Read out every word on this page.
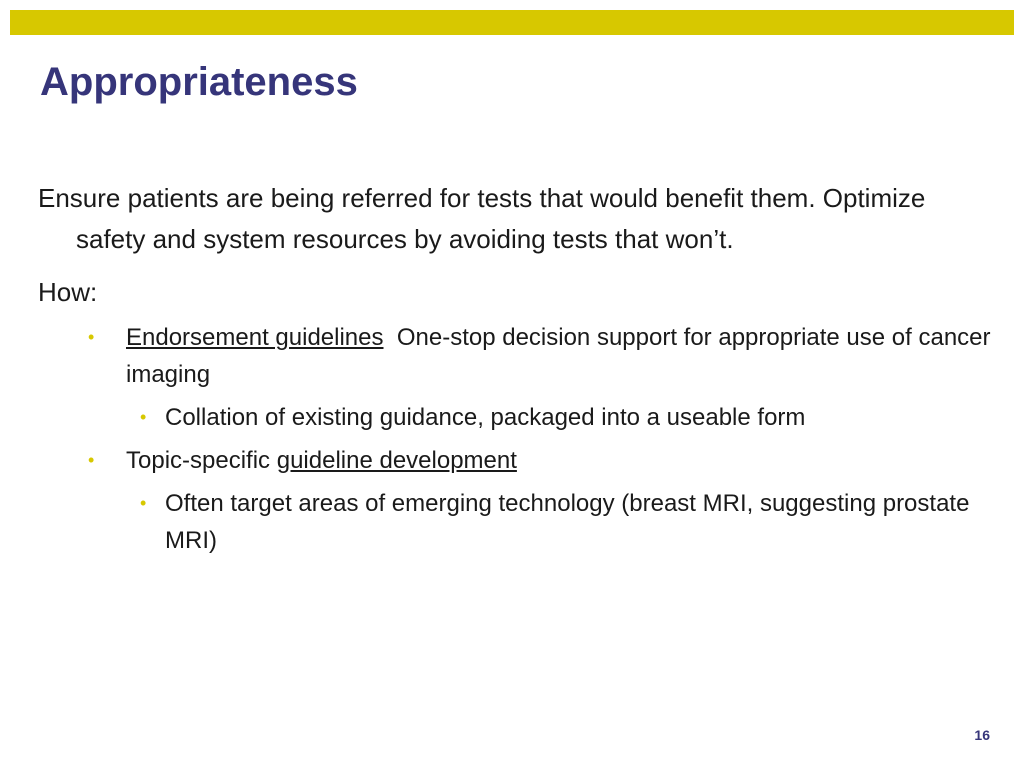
Appropriateness

Ensure patients are being referred for tests that would benefit them. Optimize safety and system resources by avoiding tests that won’t.

How:

• Endorsement guidelines  One-stop decision support for appropriate use of cancer imaging

• Collation of existing guidance, packaged into a useable form

• Topic-specific guideline development

• Often target areas of emerging technology (breast MRI, suggesting prostate MRI)

16
